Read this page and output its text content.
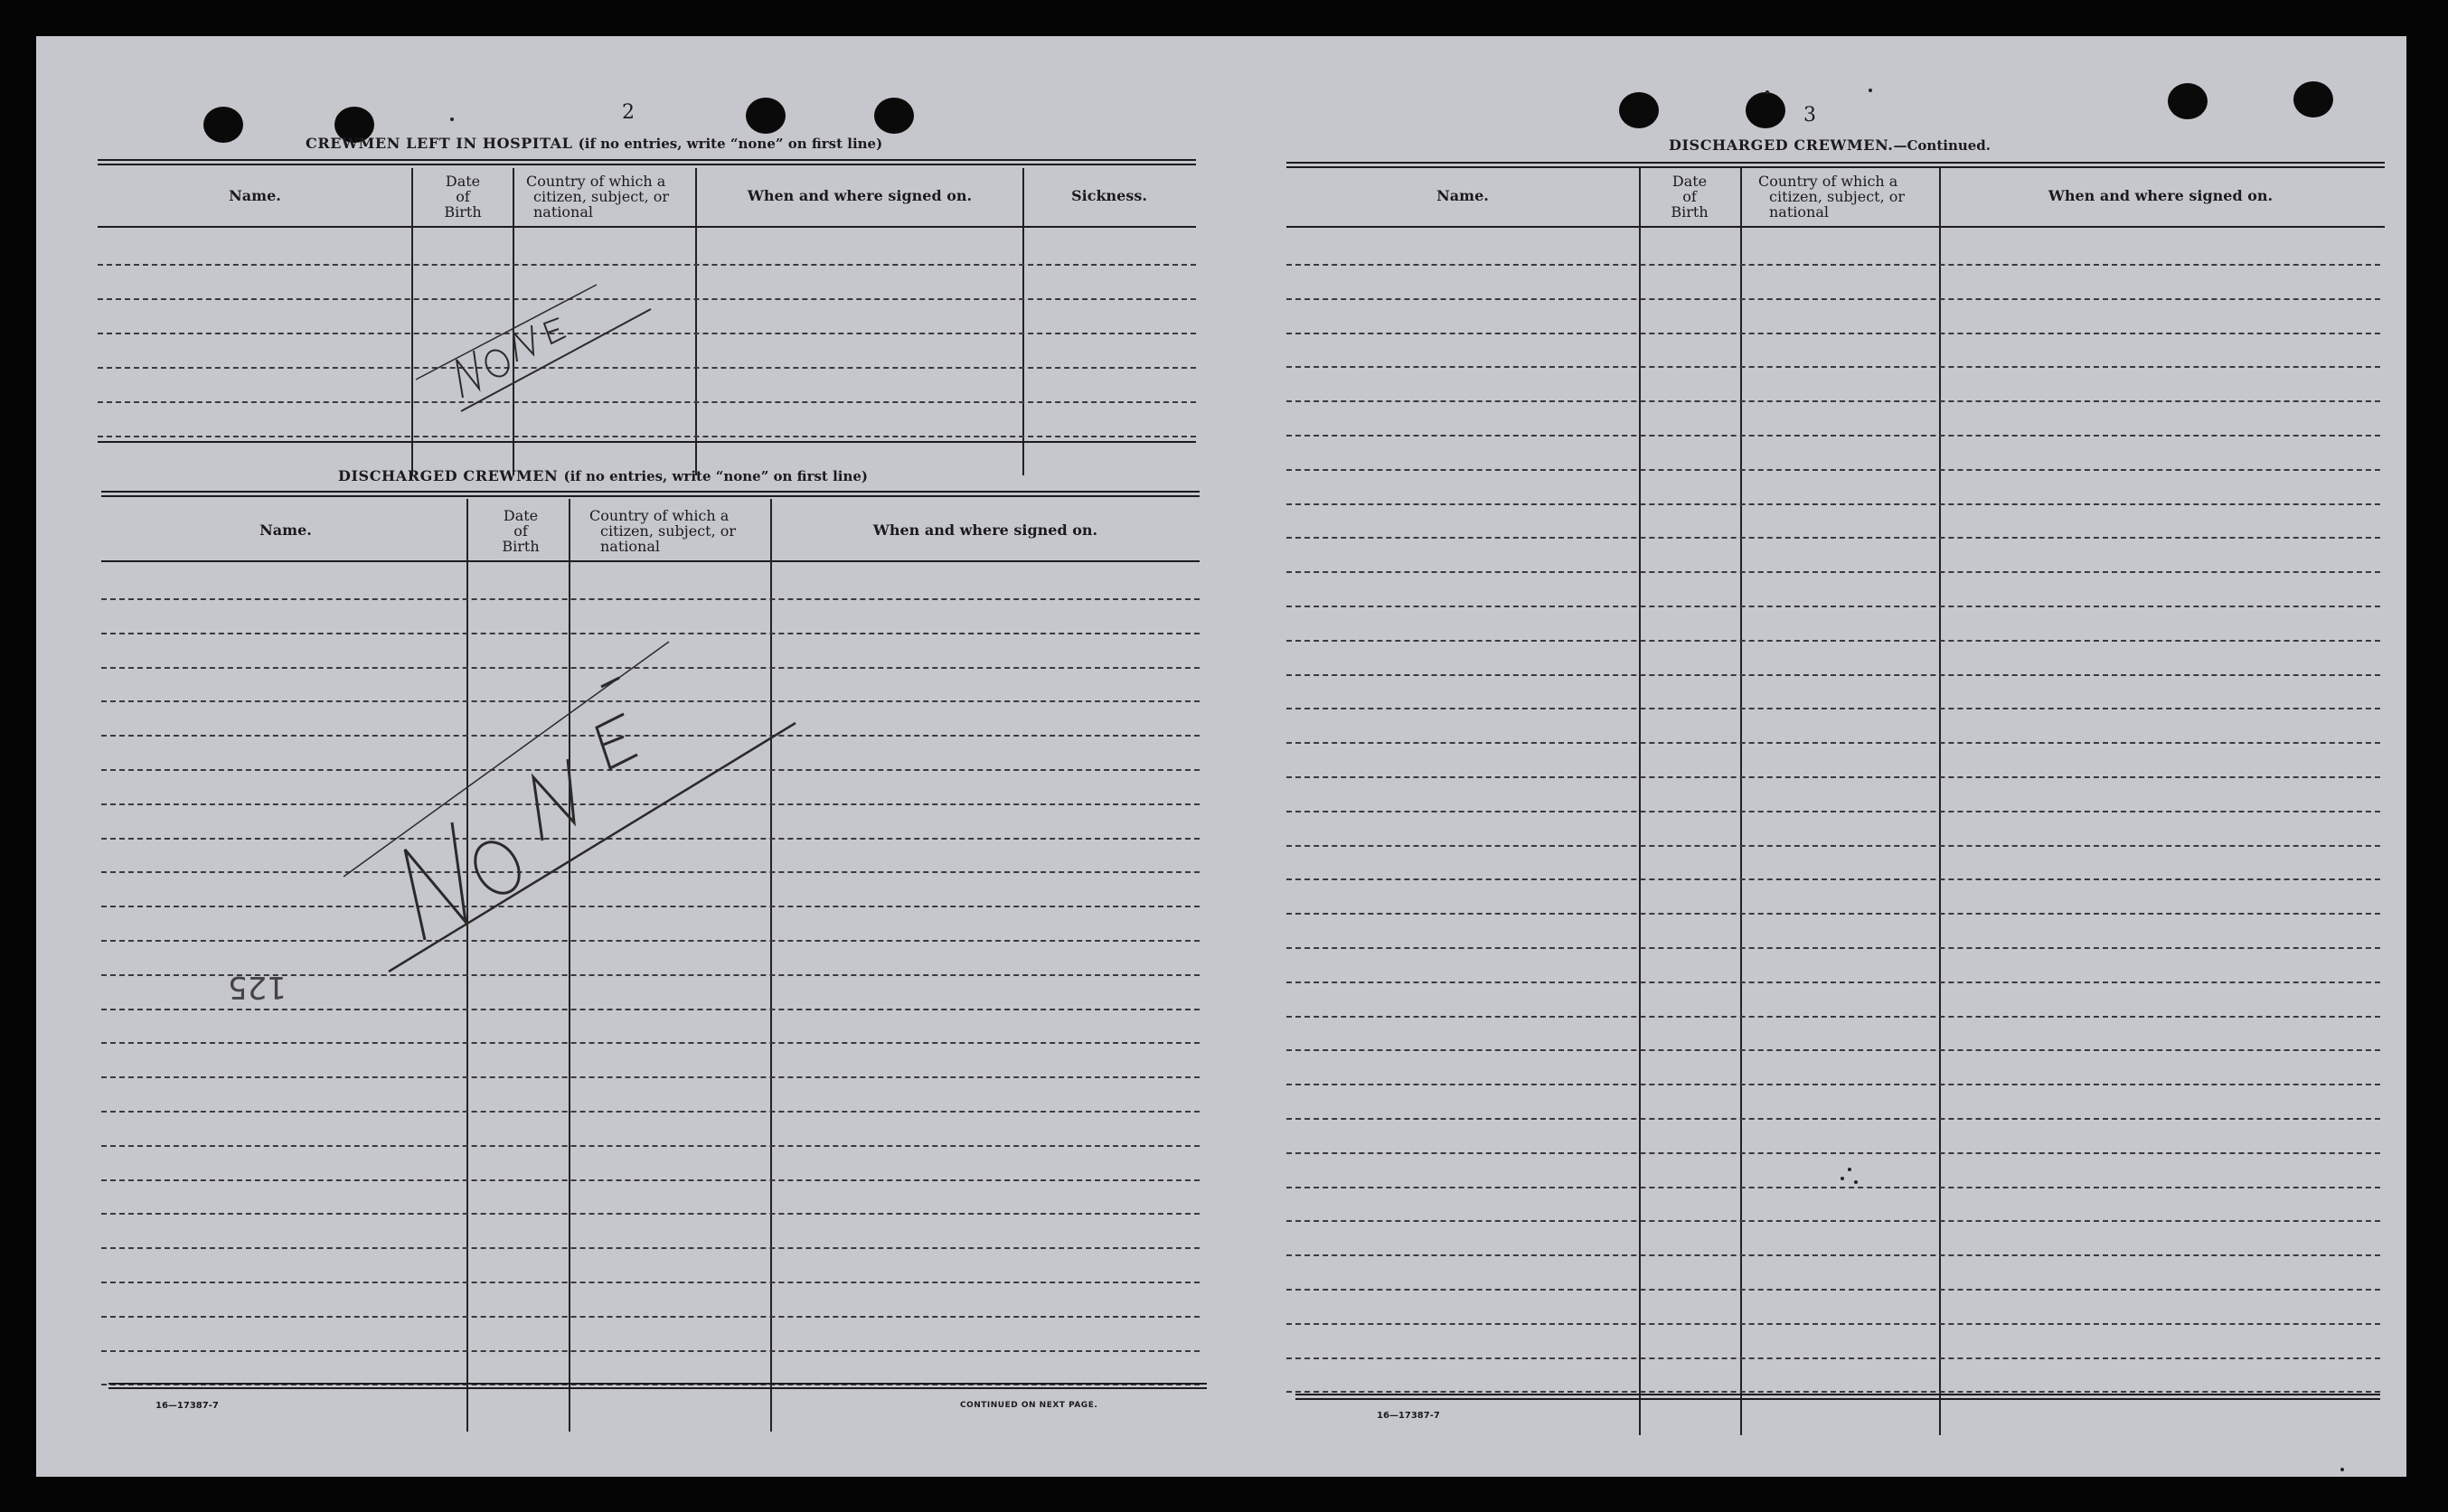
2
CREWMEN LEFT IN HOSPITAL (if no entries, write “none” on first line)
Name.
Date
of
Birth
Country of which a
citizen, subject, or
national
When and where signed on.	Sickness.
DISCHARGED CREWMEN (if no entries, write “none” on first line)
Name.
Date
of
Birth
Country of which a
citizen, subject, or
national
When and where signed on.
125
16—17387-7	CONTINUED ON NEXT PAGE.
3
DISCHARGED CREWMEN.—Continued.
Name.
Date
of
Birth
Country of which a
citizen, subject, or
national
When and where signed on.
16—17387-7
